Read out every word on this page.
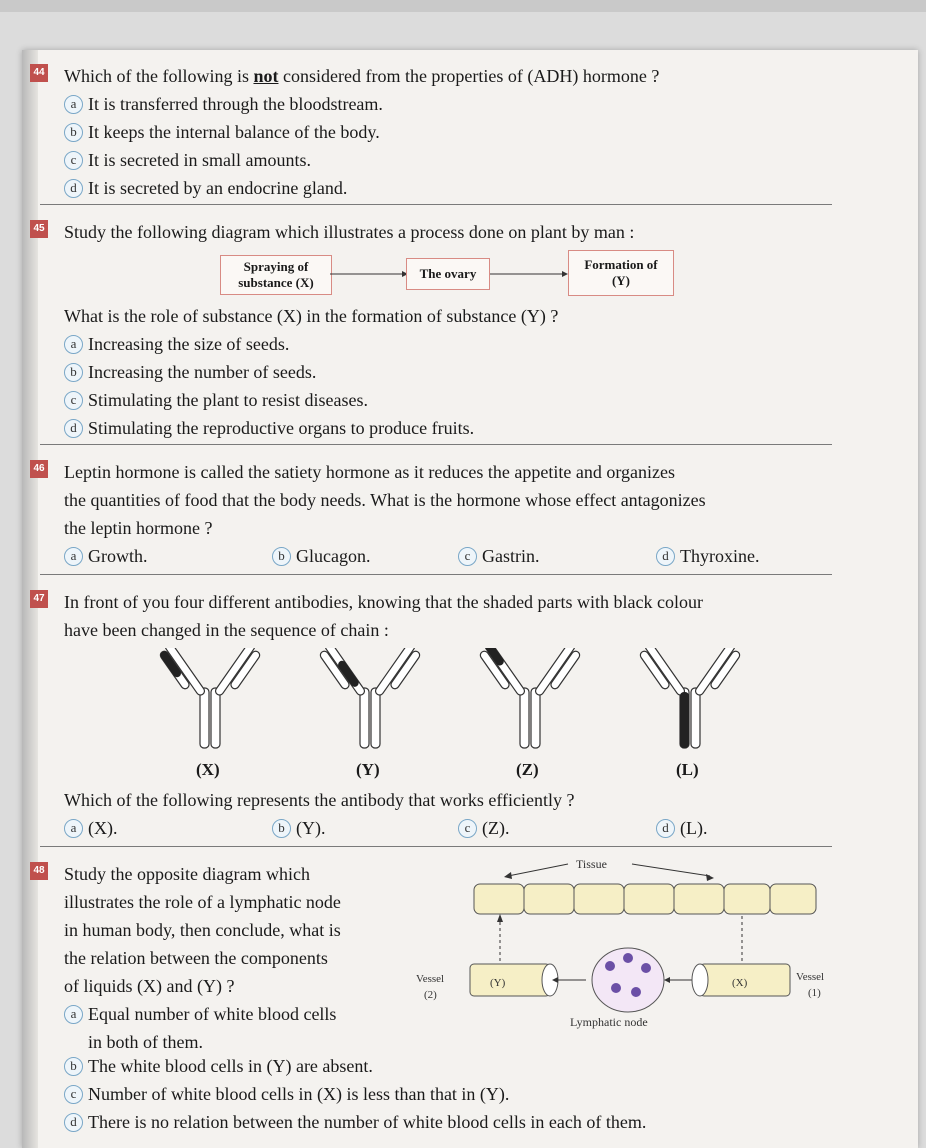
44 Which of the following is not considered from the properties of (ADH) hormone ?
a It is transferred through the bloodstream.
b It keeps the internal balance of the body.
c It is secreted in small amounts.
d It is secreted by an endocrine gland.
45 Study the following diagram which illustrates a process done on plant by man :
Spraying of
substance (X)
The ovary
Formation of
(Y)
What is the role of substance (X) in the formation of substance (Y) ?
a Increasing the size of seeds.
b Increasing the number of seeds.
c Stimulating the plant to resist diseases.
d Stimulating the reproductive organs to produce fruits.
46 Leptin hormone is called the satiety hormone as it reduces the appetite and organizes
the quantities of food that the body needs. What is the hormone whose effect antagonizes
the leptin hormone ?
a Growth.	b Glucagon.	c Gastrin.	d Thyroxine.
47 In front of you four different antibodies, knowing that the shaded parts with black colour
have been changed in the sequence of chain :
(X)	(Y)	(Z)	(L)
Which of the following represents the antibody that works efficiently ?
a (X).	b (Y).	c (Z).	d (L).
48 Study the opposite diagram which
illustrates the role of a lymphatic node
in human body, then conclude, what is
the relation between the components
of liquids (X) and (Y) ?
a Equal number of white blood cells
in both of them.
b The white blood cells in (Y) are absent.
c Number of white blood cells in (X) is less than that in (Y).
d There is no relation between the number of white blood cells in each of them.
Tissue
(Y)	(X)
Vessel
(2)
Vessel
(1)
Lymphatic node
